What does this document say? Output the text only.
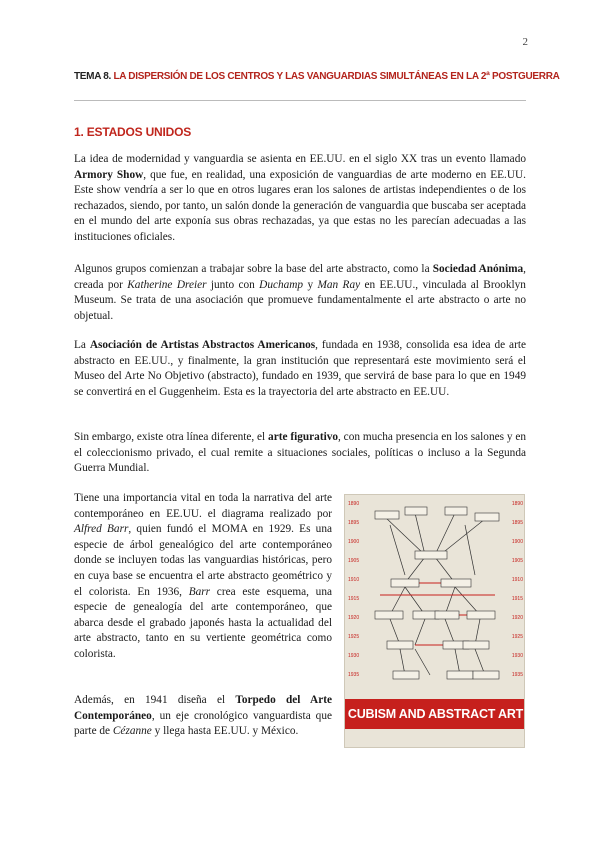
2
TEMA 8. LA DISPERSIÓN DE LOS CENTROS Y LAS VANGUARDIAS SIMULTÁNEAS EN LA 2ª POSTGUERRA
1. ESTADOS UNIDOS

La idea de modernidad y vanguardia se asienta en EE.UU. en el siglo XX tras un evento llamado Armory Show, que fue, en realidad, una exposición de vanguardias de arte moderno en EE.UU. Este show vendría a ser lo que en otros lugares eran los salones de artistas independientes o de los rechazados, siendo, por tanto, un salón donde la generación de vanguardia que buscaba ser aceptada en el mundo del arte exponía sus obras rechazadas, ya que estas no les parecían adecuadas a las instituciones oficiales.

Algunos grupos comienzan a trabajar sobre la base del arte abstracto, como la Sociedad Anónima, creada por Katherine Dreier junto con Duchamp y Man Ray en EE.UU., vinculada al Brooklyn Museum. Se trata de una asociación que promueve fundamentalmente el arte abstracto o arte no objetual.

La Asociación de Artistas Abstractos Americanos, fundada en 1938, consolida esa idea de arte abstracto en EE.UU., y finalmente, la gran institución que representará este movimiento será el Museo del Arte No Objetivo (abstracto), fundado en 1939, que servirá de base para lo que en 1949 se convertirá en el Guggenheim. Esta es la trayectoria del arte abstracto en EE.UU.

Sin embargo, existe otra línea diferente, el arte figurativo, con mucha presencia en los salones y en el coleccionismo privado, el cual remite a situaciones sociales, políticas o incluso a la Segunda Guerra Mundial.

Tiene una importancia vital en toda la narrativa del arte contemporáneo en EE.UU. el diagrama realizado por Alfred Barr, quien fundó el MOMA en 1929. Es una especie de árbol genealógico del arte contemporáneo donde se incluyen todas las vanguardias históricas, pero en cuya base se encuentra el arte abstracto geométrico y el colorista. En 1936, Barr crea este esquema, una especie de genealogía del arte contemporáneo, que abarca desde el grabado japonés hasta la actualidad del arte abstracto, tanto en su vertiente geométrica como colorista.

Además, en 1941 diseña el Torpedo del Arte Contemporáneo, un eje cronológico vanguardista que parte de Cézanne y llega hasta EE.UU. y México.

1890
1895
1900
1905
1910
1915
1920
1925
1930
1935
1890
1895
1900
1905
1910
1915
1920
1925
1930
1935
CUBISM AND ABSTRACT ART
